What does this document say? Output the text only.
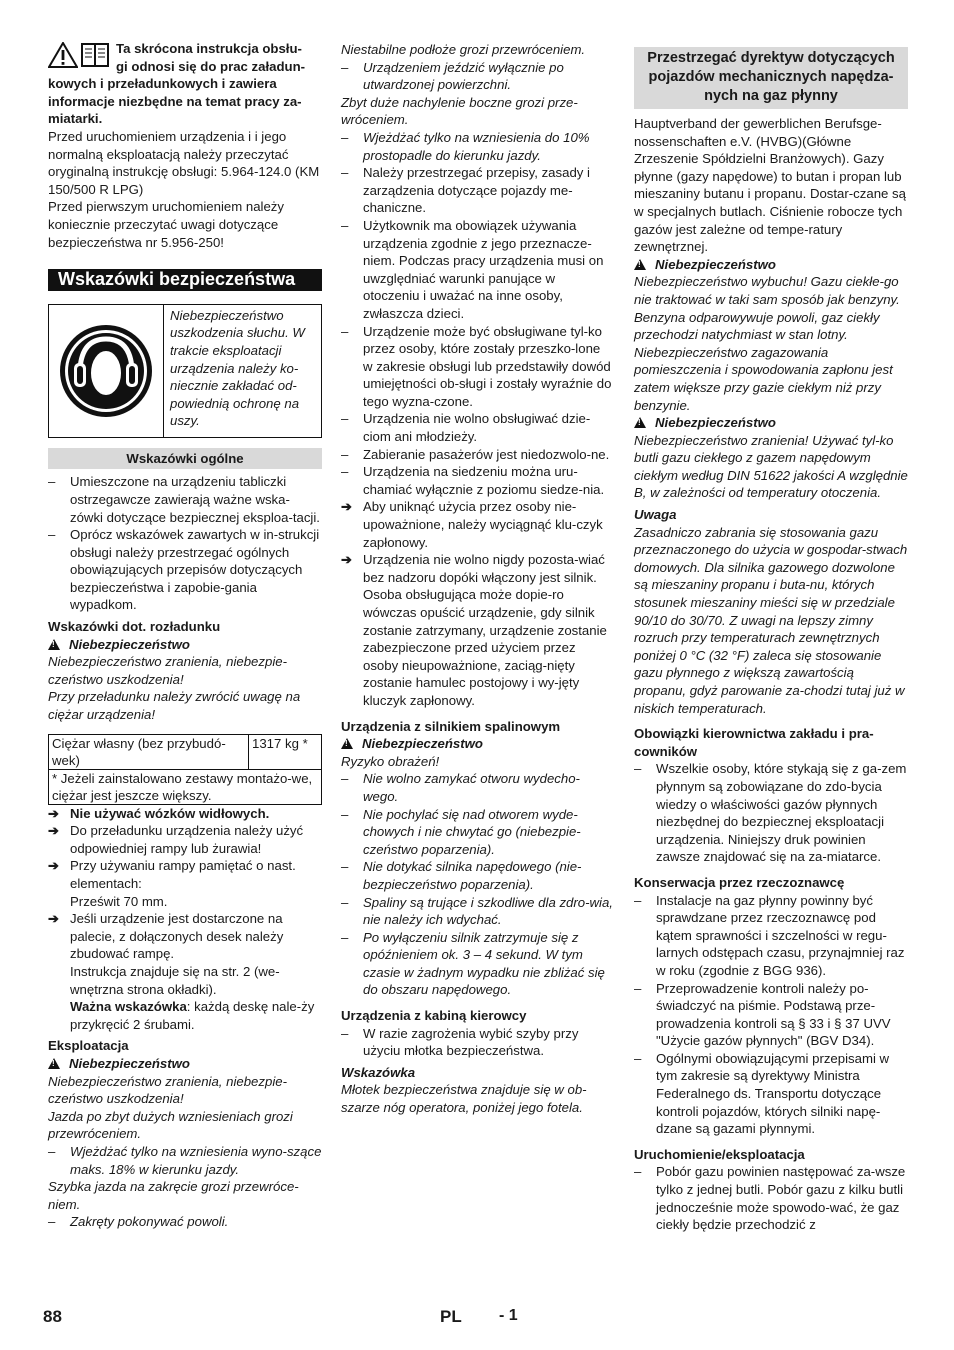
Ta skrócona instrukcja obsłu-

gi odnosi się do prac załadun-

kowych i przeładunkowych i zawiera informacje niezbędne na temat pracy za-miatarki.

Przed uruchomieniem urządzenia i i jego normalną eksploatacją należy przeczytać oryginalną instrukcję obsługi: 5.964-124.0 (KM 150/500 R LPG)

Przed pierwszym uruchomieniem należy koniecznie przeczytać uwagi dotyczące bezpieczeństwa nr 5.956-250!

Wskazówki bezpieczeństwa
Niebezpieczeństwo uszkodzenia słuchu. W trakcie eksploatacji urządzenia należy ko-niecznie zakładać od-powiednią ochronę na uszy.
Wskazówki ogólne
– Umieszczone na urządzeniu tabliczki ostrzegawcze zawierają ważne wska-zówki dotyczące bezpiecznej eksploa-tacji.
– Oprócz wskazówek zawartych w in-strukcji obsługi należy przestrzegać ogólnych obowiązujących przepisów dotyczących bezpieczeństwa i zapobie-gania wypadkom.

Wskazówki dot. rozładunku

!
Niebezpieczeństwo

Niebezpieczeństwo zranienia, niebezpie-czeństwo uszkodzenia!

Przy przeładunku należy zwrócić uwagę na ciężar urządzenia!

Ciężar własny (bez przybudó-wek)	1317 kg *
* Jeżeli zainstalowano zestawy montażo-we, ciężar jest jeszcze większy.
➔ Nie używać wózków widłowych.
➔ Do przeładunku urządzenia należy użyć odpowiedniej rampy lub żurawia!
➔ Przy używaniu rampy pamiętać o nast. elementach:

Prześwit 70 mm.

➔ Jeśli urządzenie jest dostarczone na palecie, z dołączonych desek należy zbudować rampę.

Instrukcja znajduje się na str. 2 (we-wnętrzna strona okładki).

Ważna wskazówka: każdą deskę nale-ży przykręcić 2 śrubami.

Eksploatacja

!
Niebezpieczeństwo

Niebezpieczeństwo zranienia, niebezpie-czeństwo uszkodzenia!

Jazda po zbyt dużych wzniesieniach grozi przewróceniem.

– Wjeżdżać tylko na wzniesienia wyno-szące maks. 18% w kierunku jazdy.

Szybka jazda na zakręcie grozi przewróce-niem.

– Zakręty pokonywać powoli.

Niestabilne podłoże grozi przewróceniem.

– Urządzeniem jeździć wyłącznie po utwardzonej powierzchni.

Zbyt duże nachylenie boczne grozi prze-wróceniem.

– Wjeżdżać tylko na wzniesienia do 10% prostopadle do kierunku jazdy.
– Należy przestrzegać przepisy, zasady i zarządzenia dotyczące pojazdy me-chaniczne.
– Użytkownik ma obowiązek używania urządzenia zgodnie z jego przeznacze-niem. Podczas pracy urządzenia musi on uwzględniać warunki panujące w otoczeniu i uważać na inne osoby, zwłaszcza dzieci.
– Urządzenie może być obsługiwane tyl-ko przez osoby, które zostały przeszko-lone w zakresie obsługi lub przedstawiły dowód umiejętności ob-sługi i zostały wyraźnie do tego wyzna-czone.
– Urządzenia nie wolno obsługiwać dzie-ciom ani młodzieży.
– Zabieranie pasażerów jest niedozwolo-ne.
– Urządzenia na siedzeniu można uru-chamiać wyłącznie z poziomu siedze-nia.
➔ Aby uniknąć użycia przez osoby nie-upoważnione, należy wyciągnąć klu-czyk zapłonowy.
➔ Urządzenia nie wolno nigdy pozosta-wiać bez nadzoru dopóki włączony jest silnik. Osoba obsługująca może dopie-ro wówczas opuścić urządzenie, gdy silnik zostanie zatrzymany, urządzenie zostanie zabezpieczone przed użyciem przez osoby nieupoważnione, zaciąg-nięty zostanie hamulec postojowy i wy-jęty kluczyk zapłonowy.

Urządzenia z silnikiem spalinowym

!
Niebezpieczeństwo

Ryzyko obrażeń!

– Nie wolno zamykać otworu wydecho-wego.
– Nie pochylać się nad otworem wyde-chowych i nie chwytać go (niebezpie-czeństwo poparzenia).
– Nie dotykać silnika napędowego (nie-bezpieczeństwo poparzenia).
– Spaliny są trujące i szkodliwe dla zdro-wia, nie należy ich wdychać.
– Po wyłączeniu silnik zatrzymuje się z opóźnieniem ok. 3 – 4 sekund. W tym czasie w żadnym wypadku nie zbliżać się do obszaru napędowego.

Urządzenia z kabiną kierowcy

– W razie zagrożenia wybić szyby przy użyciu młotka bezpieczeństwa.

Wskazówka

Młotek bezpieczeństwa znajduje się w ob-szarze nóg operatora, poniżej jego fotela.

Przestrzegać dyrektyw dotyczących pojazdów mechanicznych napędza-nych na gaz płynny

Hauptverband der gewerblichen Berufsge-nossenschaften e.V. (HVBG)(Główne Zrzeszenie Spółdzielni Branżowych). Gazy płynne (gazy napędowe) to butan i propan lub mieszaniny butanu i propanu. Dostar-czane są w specjalnych butlach. Ciśnienie robocze tych gazów jest zależne od tempe-ratury zewnętrznej.

!
Niebezpieczeństwo

Niebezpieczeństwo wybuchu! Gazu ciekłe-go nie traktować w taki sam sposób jak benzyny. Benzyna odparowywuje powoli, gaz ciekły przechodzi natychmiast w stan lotny. Niebezpieczeństwo zagazowania pomieszczenia i spowodowania zapłonu jest zatem większe przy gazie ciekłym niż przy benzynie.

!
Niebezpieczeństwo

Niebezpieczeństwo zranienia! Używać tyl-ko butli gazu ciekłego z gazem napędowym ciekłym według DIN 51622 jakości A względnie B, w zależności od temperatury otoczenia.

Uwaga

Zasadniczo zabrania się stosowania gazu przeznaczonego do użycia w gospodar-stwach domowych. Dla silnika gazowego dozwolone są mieszaniny propanu i buta-nu, których stosunek mieszaniny mieści się w przedziale 90/10 do 30/70. Z uwagi na lepszy zimny rozruch przy temperaturach zewnętrznych poniżej 0 °C (32 °F) zaleca się stosowanie gazu płynnego z większą zawartością propanu, gdyż parowanie za-chodzi tutaj już w niskich temperaturach.

Obowiązki kierownictwa zakładu i pra-cowników

– Wszelkie osoby, które stykają się z ga-zem płynnym są zobowiązane do zdo-bycia wiedzy o właściwości gazów płynnych niezbędnej do bezpiecznej eksploatacji urządzenia. Niniejszy druk powinien zawsze znajdować się na za-miatarce.

Konserwacja przez rzeczoznawcę

– Instalacje na gaz płynny powinny być sprawdzane przez rzeczoznawcę pod kątem sprawności i szczelności w regu-larnych odstępach czasu, przynajmniej raz w roku (zgodnie z BGG 936).
– Przeprowadzenie kontroli należy po-świadczyć na piśmie. Podstawą prze-prowadzenia kontroli są § 33 i § 37 UVV "Użycie gazów płynnych" (BGV D34).
– Ogólnymi obowiązującymi przepisami w tym zakresie są dyrektywy Ministra Federalnego ds. Transportu dotyczące kontroli pojazdów, których silniki napę-dzane są gazami płynnymi.

Uruchomienie/eksploatacja

– Pobór gazu powinien następować za-wsze tylko z jednej butli. Pobór gazu z kilku butli jednocześnie może spowodo-wać, że gaz ciekły będzie przechodzić z
88	PL - 1
